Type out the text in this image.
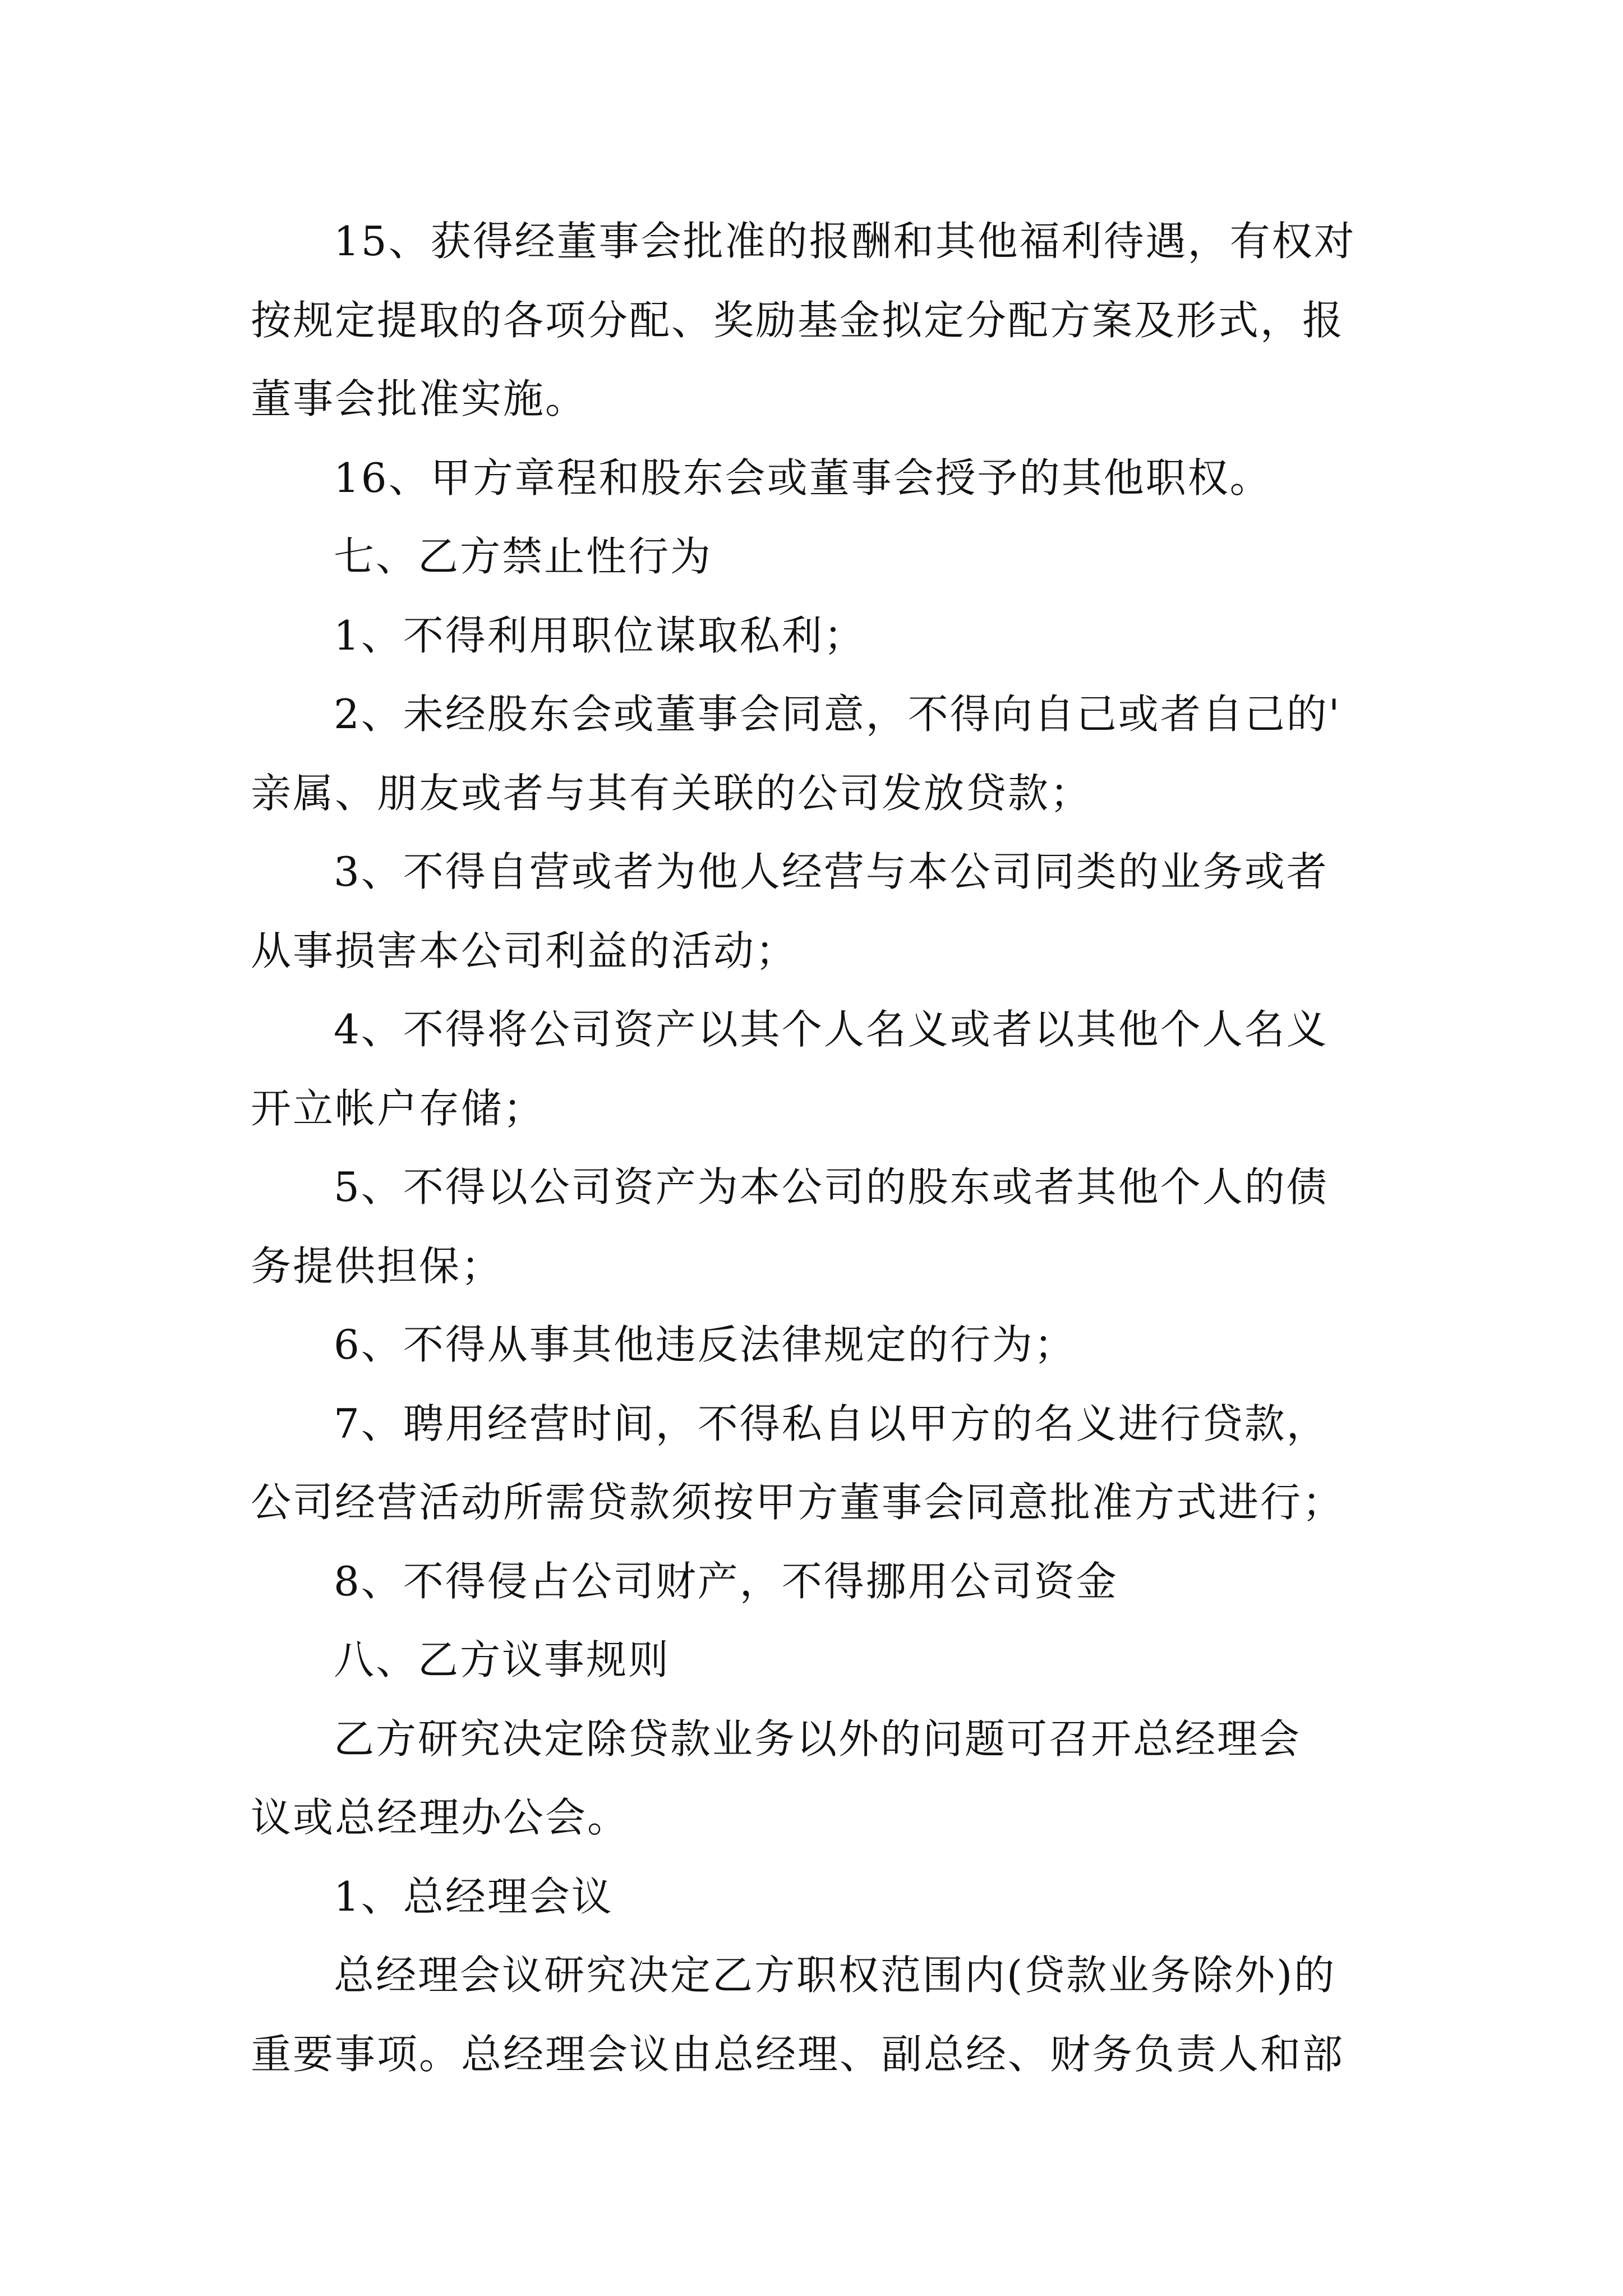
15、获得经董事会批准的报酬和其他福利待遇，有权对
按规定提取的各项分配、奖励基金拟定分配方案及形式，报
董事会批准实施。

16、甲方章程和股东会或董事会授予的其他职权。

七、乙方禁止性行为

1、不得利用职位谋取私利；

2、未经股东会或董事会同意，不得向自己或者自己的'
亲属、朋友或者与其有关联的公司发放贷款；

3、不得自营或者为他人经营与本公司同类的业务或者
从事损害本公司利益的活动；

4、不得将公司资产以其个人名义或者以其他个人名义
开立帐户存储；

5、不得以公司资产为本公司的股东或者其他个人的债
务提供担保；

6、不得从事其他违反法律规定的行为；

7、聘用经营时间，不得私自以甲方的名义进行贷款，
公司经营活动所需贷款须按甲方董事会同意批准方式进行；

8、不得侵占公司财产，不得挪用公司资金

八、乙方议事规则

乙方研究决定除贷款业务以外的问题可召开总经理会
议或总经理办公会。

1、总经理会议

总经理会议研究决定乙方职权范围内(贷款业务除外)的
重要事项。总经理会议由总经理、副总经、财务负责人和部
